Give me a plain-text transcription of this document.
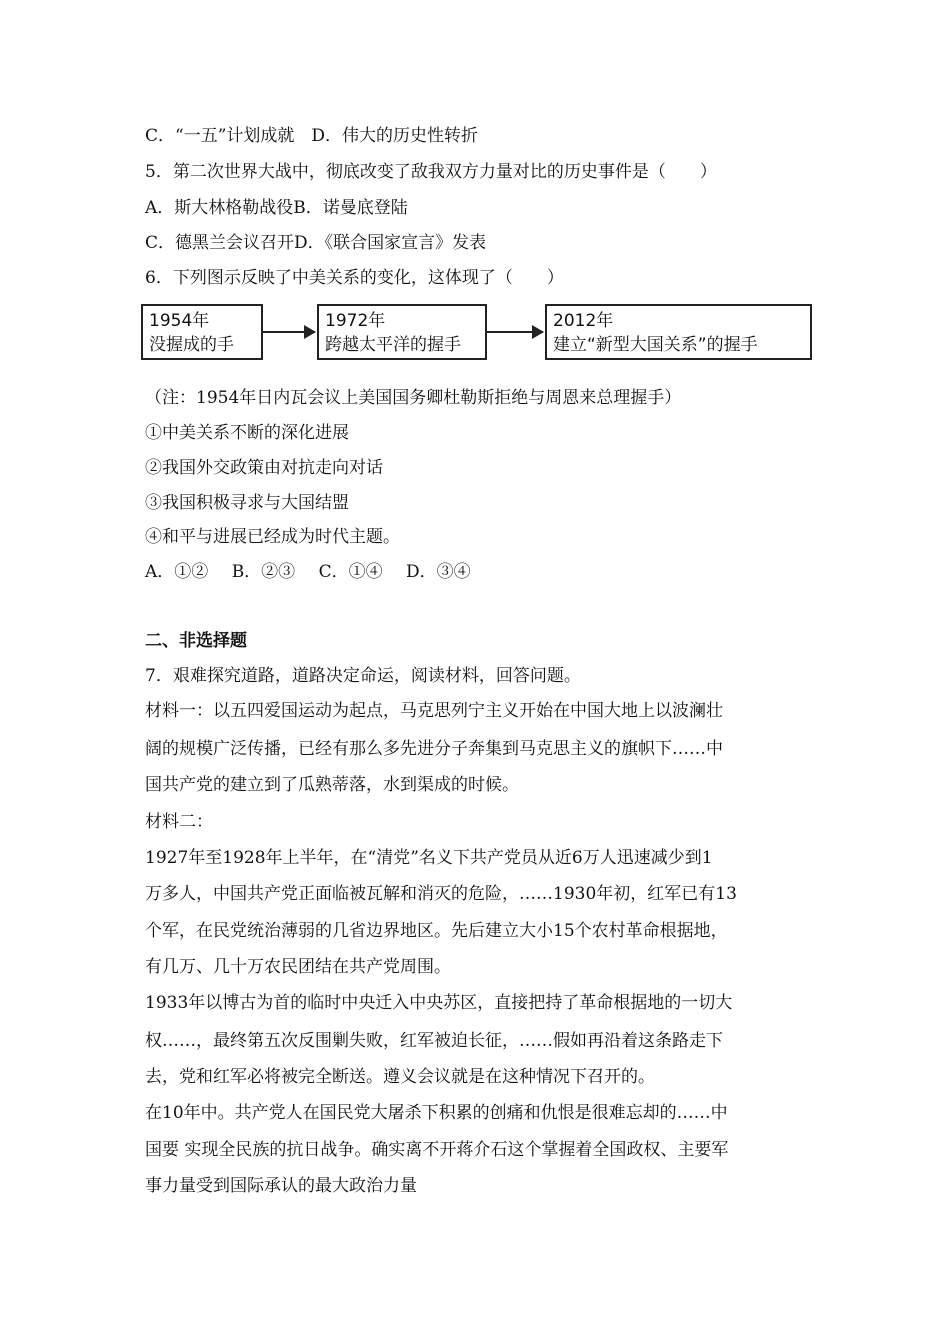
C．“一五”计划成就　D．伟大的历史性转折
5．第二次世界大战中，彻底改变了敌我双方力量对比的历史事件是（　　）
A．斯大林格勒战役B．诺曼底登陆
C．德黑兰会议召开D．《联合国家宣言》发表
6．下列图示反映了中美关系的变化，这体现了（　　）
1954年
没握成的手
1972年
跨越太平洋的握手
2012年
建立“新型大国关系”的握手
（注：1954年日内瓦会议上美国国务卿杜勒斯拒绝与周恩来总理握手）
①中美关系不断的深化进展
②我国外交政策由对抗走向对话
③我国积极寻求与大国结盟
④和平与进展已经成为时代主题。
A．①② B．②③ C．①④ D．③④
二、非选择题
7．艰难探究道路，道路决定命运，阅读材料，回答问题。
材料一：以五四爱国运动为起点，马克思列宁主义开始在中国大地上以波澜壮
阔的规模广泛传播，已经有那么多先进分子奔集到马克思主义的旗帜下……中
国共产党的建立到了瓜熟蒂落，水到渠成的时候。
材料二：
1927年至1928年上半年，在“清党”名义下共产党员从近6万人迅速减少到1
万多人，中国共产党正面临被瓦解和消灭的危险，……1930年初，红军已有13
个军，在民党统治薄弱的几省边界地区。先后建立大小15个农村革命根据地，
有几万、几十万农民团结在共产党周围。
1933年以博古为首的临时中央迁入中央苏区，直接把持了革命根据地的一切大
权……，最终第五次反围剿失败，红军被迫长征，……假如再沿着这条路走下
去，党和红军必将被完全断送。遵义会议就是在这种情况下召开的。
在10年中。共产党人在国民党大屠杀下积累的创痛和仇恨是很难忘却的……中
国要 实现全民族的抗日战争。确实离不开蒋介石这个掌握着全国政权、主要军
事力量受到国际承认的最大政治力量
